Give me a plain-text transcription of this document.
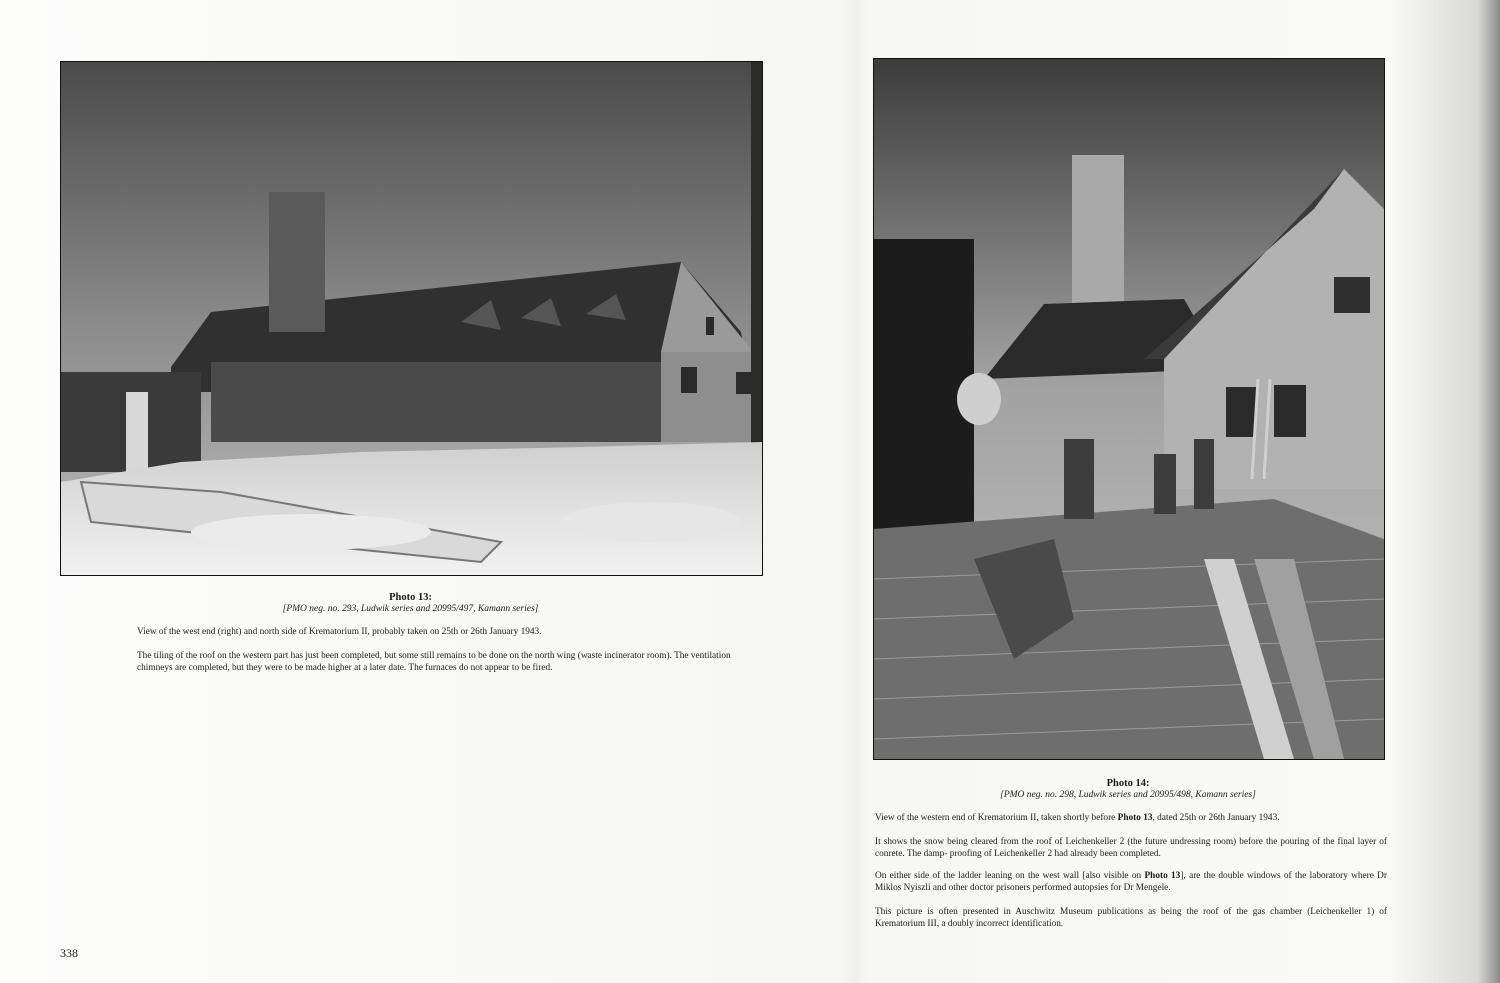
Photo 13:
[PMO neg. no. 293, Ludwik series and 20995/497, Kamann series]

View of the west end (right) and north side of Krematorium II, probably taken on 25th or 26th January 1943.

The tiling of the roof on the western part has just been completed, but some still remains to be done on the north wing (waste incinerator room). The ventilation chimneys are completed, but they were to be made higher at a later date. The furnaces do not appear to be fired.

Photo 14:
[PMO neg. no. 298, Ludwik series and 20995/498, Kamann series]

View of the western end of Krematorium II, taken shortly before Photo 13, dated 25th or 26th January 1943.

It shows the snow being cleared from the roof of Leichenkeller 2 (the future undressing room) before the pouring of the final layer of conrete. The damp- proofing of Leichenkeller 2 had already been completed.

On either side of the ladder leaning on the west wall [also visible on Photo 13], are the double windows of the laboratory where Dr Miklos Nyiszli and other doctor prisoners performed autopsies for Dr Mengele.

This picture is often presented in Auschwitz Museum publications as being the roof of the gas chamber (Leichenkeller 1) of Krematorium III, a doubly incorrect identification.

338
